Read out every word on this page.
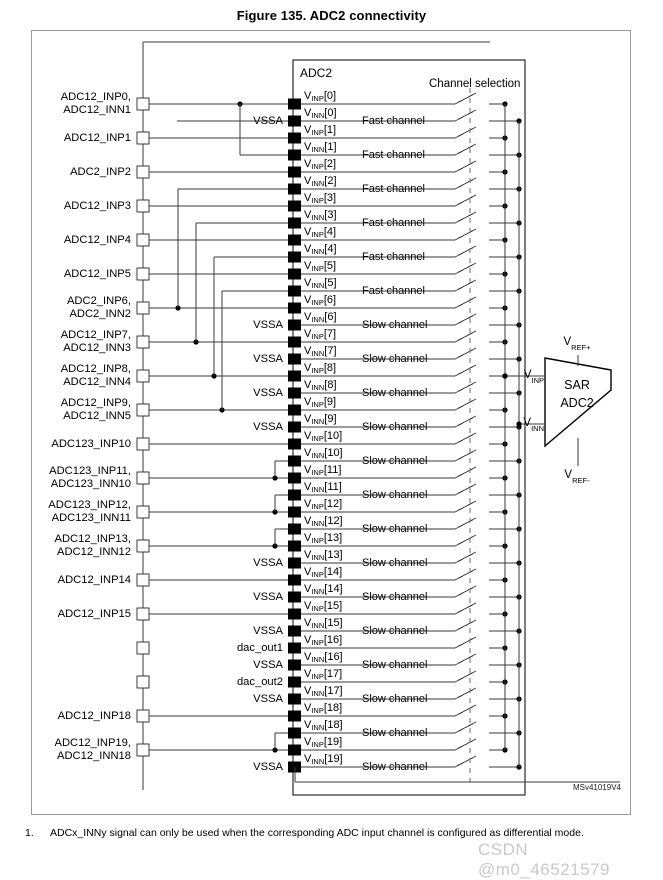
Figure 135. ADC2 connectivity
ADC2
Channel selection
SAR
ADC2
$V_{REF+}$
$V_{REF-}$
$V_{INP}$
$V_{INN}$
$V_{INP}[0]$
$V_{INN}[0]$
Fast channel
$V_{INP}[1]$
$V_{INN}[1]$
Fast channel
$V_{INP}[2]$
$V_{INN}[2]$
Fast channel
$V_{INP}[3]$
$V_{INN}[3]$
Fast channel
$V_{INP}[4]$
$V_{INN}[4]$
Fast channel
$V_{INP}[5]$
$V_{INN}[5]$
Fast channel
$V_{INP}[6]$
$V_{INN}[6]$
Slow channel
$V_{INP}[7]$
$V_{INN}[7]$
Slow channel
$V_{INP}[8]$
$V_{INN}[8]$
Slow channel
$V_{INP}[9]$
$V_{INN}[9]$
Slow channel
$V_{INP}[10]$
$V_{INN}[10]$
Slow channel
$V_{INP}[11]$
$V_{INN}[11]$
Slow channel
$V_{INP}[12]$
$V_{INN}[12]$
Slow channel
$V_{INP}[13]$
$V_{INN}[13]$
Slow channel
$V_{INP}[14]$
$V_{INN}[14]$
Slow channel
$V_{INP}[15]$
$V_{INN}[15]$
Slow channel
$V_{INP}[16]$
$V_{INN}[16]$
Slow channel
$V_{INP}[17]$
$V_{INN}[17]$
Slow channel
$V_{INP}[18]$
$V_{INN}[18]$
Slow channel
$V_{INP}[19]$
$V_{INN}[19]$
Slow channel
ADC12_INP0,
ADC12_INN1
ADC12_INP1
ADC2_INP2
ADC12_INP3
ADC12_INP4
ADC12_INP5
ADC2_INP6,
ADC2_INN2
ADC12_INP7,
ADC12_INN3
ADC12_INP8,
ADC12_INN4
ADC12_INP9,
ADC12_INN5
ADC123_INP10
ADC123_INP11,
ADC123_INN10
ADC123_INP12,
ADC123_INN11
ADC12_INP13,
ADC12_INN12
ADC12_INP14
ADC12_INP15
ADC12_INP18
ADC12_INP19,
ADC12_INN18
VSSA
VSSA
VSSA
VSSA
VSSA
VSSA
VSSA
VSSA
dac_out1
VSSA
dac_out2
VSSA
VSSA
MSv41019V4
1. ADCx_INNy signal can only be used when the corresponding ADC input channel is configured as differential mode.
CSDN @m0_46521579
